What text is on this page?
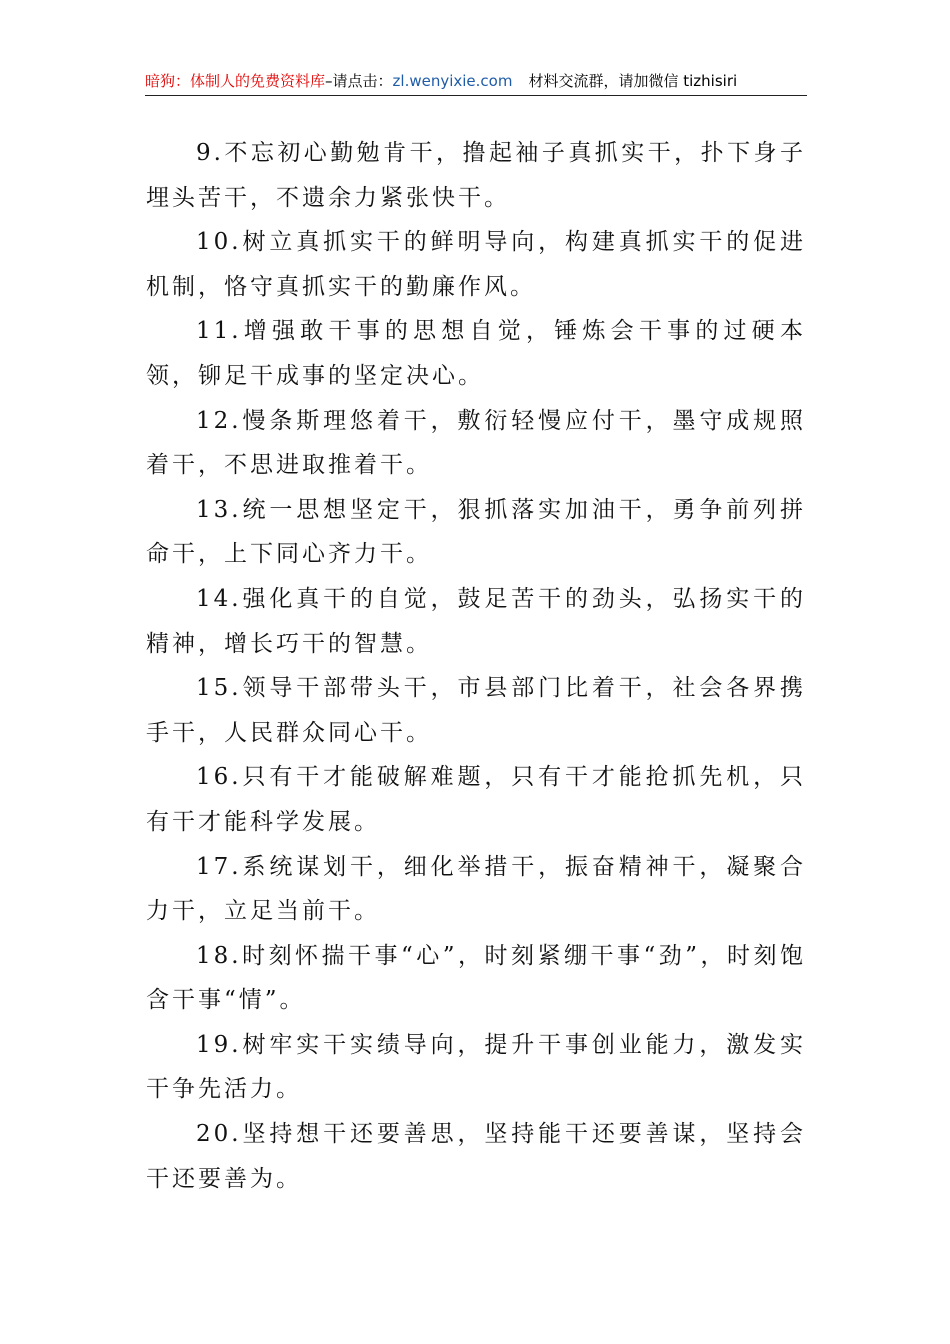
暗狗：体制人的免费资料库–请点击：zl.wenyixie.com 材料交流群，请加微信 tizhisiri

9.不忘初心勤勉肯干，撸起袖子真抓实干，扑下身子埋头苦干，不遗余力紧张快干。

10.树立真抓实干的鲜明导向，构建真抓实干的促进机制，恪守真抓实干的勤廉作风。

11.增强敢干事的思想自觉，锤炼会干事的过硬本领，铆足干成事的坚定决心。

12.慢条斯理悠着干，敷衍轻慢应付干，墨守成规照着干，不思进取推着干。

13.统一思想坚定干，狠抓落实加油干，勇争前列拼命干，上下同心齐力干。

14.强化真干的自觉，鼓足苦干的劲头，弘扬实干的精神，增长巧干的智慧。

15.领导干部带头干，市县部门比着干，社会各界携手干，人民群众同心干。

16.只有干才能破解难题，只有干才能抢抓先机，只有干才能科学发展。

17.系统谋划干，细化举措干，振奋精神干，凝聚合力干，立足当前干。

18.时刻怀揣干事“心”，时刻紧绷干事“劲”，时刻饱含干事“情”。

19.树牢实干实绩导向，提升干事创业能力，激发实干争先活力。

20.坚持想干还要善思，坚持能干还要善谋，坚持会干还要善为。
